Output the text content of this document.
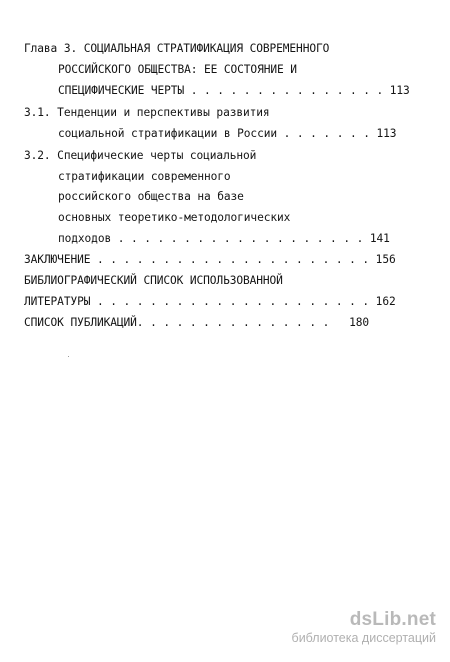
Глава 3. СОЦИАЛЬНАЯ СТРАТИФИКАЦИЯ СОВРЕМЕННОГО
РОССИЙСКОГО ОБЩЕСТВА: ЕЕ СОСТОЯНИЕ И
СПЕЦИФИЧЕСКИЕ ЧЕРТЫ . . . . . . . . . . . . . . . 113
3.1. Тенденции и перспективы развития
социальной стратификации в России . . . . . . . 113
3.2. Специфические черты социальной
стратификации современного
российского общества на базе
основных теоретико-методологических
подходов . . . . . . . . . . . . . . . . . . . 141
ЗАКЛЮЧЕНИЕ . . . . . . . . . . . . . . . . . . . . . 156
БИБЛИОГРАФИЧЕСКИЙ СПИСОК ИСПОЛЬЗОВАННОЙ
ЛИТЕРАТУРЫ . . . . . . . . . . . . . . . . . . . . . 162
СПИСОК ПУБЛИКАЦИЙ. . . . . . . . . . . . . . .   180
dsLib.net
библиотека диссертаций
